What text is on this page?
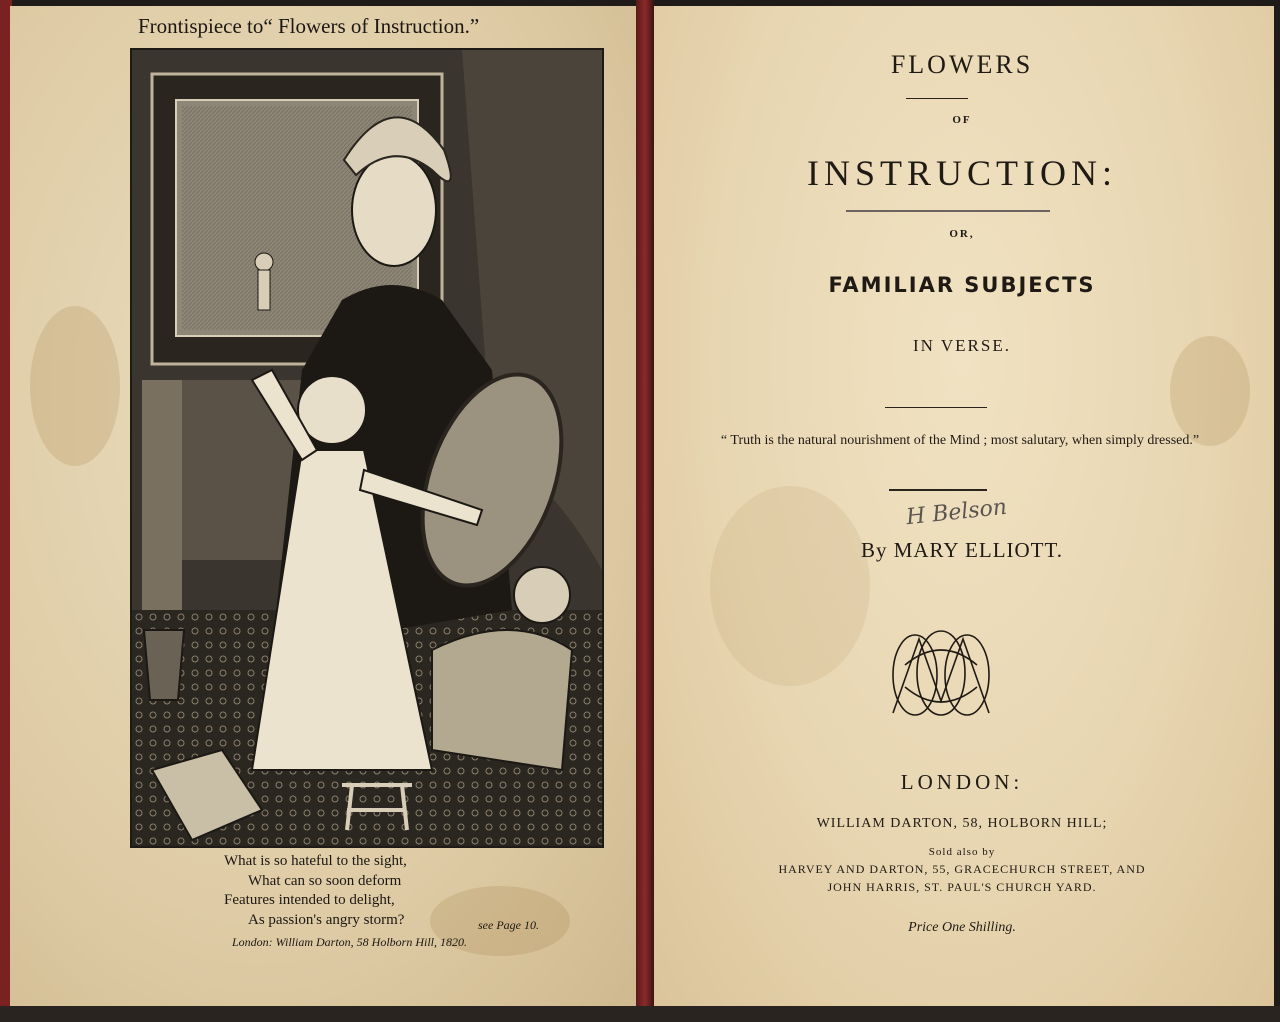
Frontispiece to“ Flowers of Instruction.”
What is so hateful to the sight,
What can so soon deform
Features intended to delight,
As passion's angry storm?	see Page 10.
London: William Darton, 58 Holborn Hill, 1820.
FLOWERS
OF
INSTRUCTION:
OR,
FAMILIAR SUBJECTS
IN VERSE.
“ Truth is the natural nourishment of the Mind ; most salutary, when simply dressed.”
H Belson
By MARY ELLIOTT.
LONDON:
WILLIAM DARTON, 58, HOLBORN HILL;
Sold also by
HARVEY AND DARTON, 55, GRACECHURCH STREET, AND
JOHN HARRIS, ST. PAUL'S CHURCH YARD.
Price One Shilling.
